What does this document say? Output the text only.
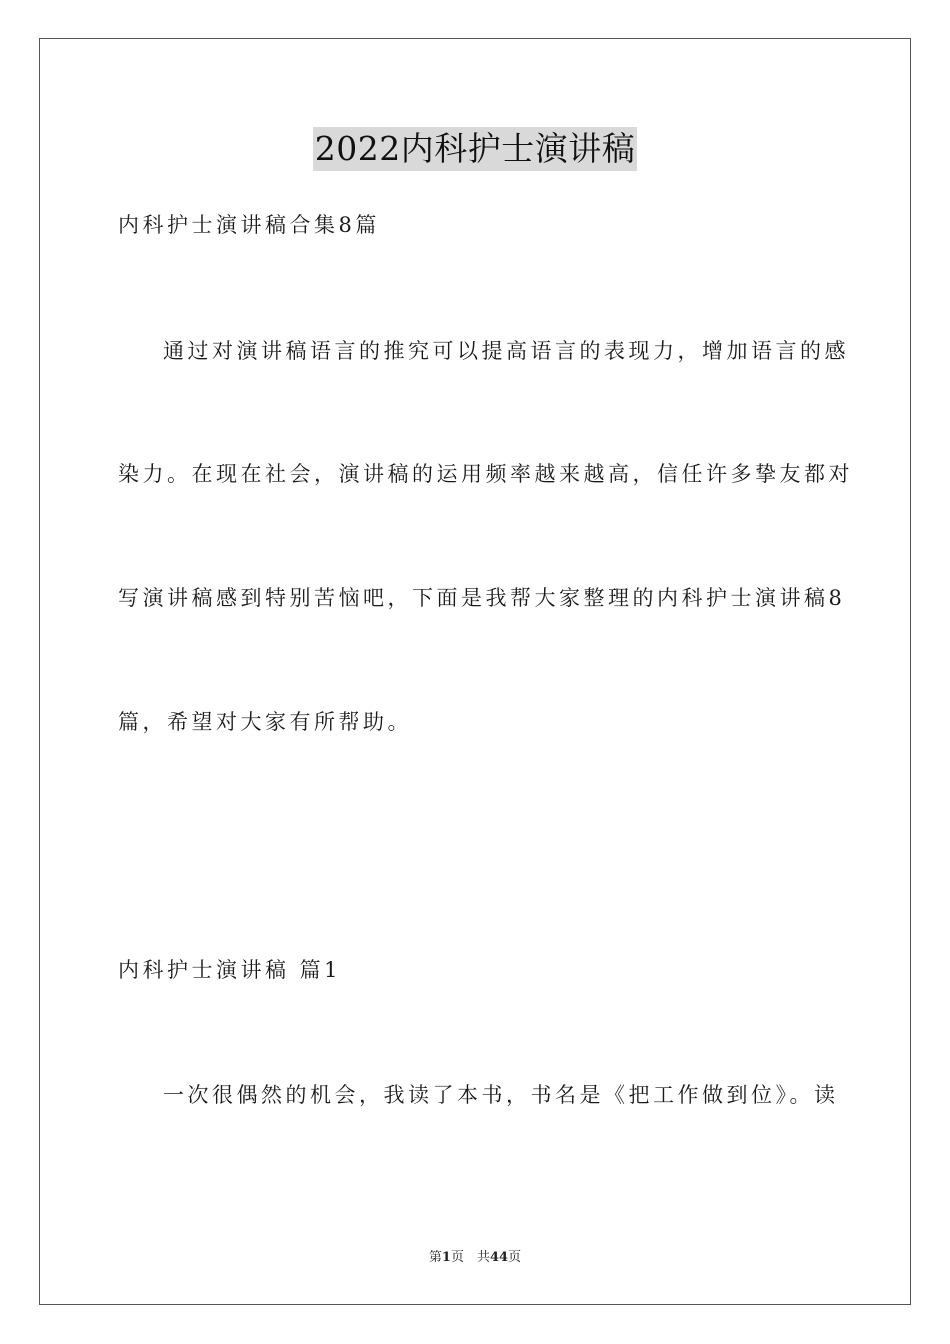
2022内科护士演讲稿
内科护士演讲稿合集8篇
通过对演讲稿语言的推究可以提高语言的表现力，增加语言的感
染力。在现在社会，演讲稿的运用频率越来越高，信任许多挚友都对
写演讲稿感到特别苦恼吧，下面是我帮大家整理的内科护士演讲稿8
篇，希望对大家有所帮助。
内科护士演讲稿 篇1
一次很偶然的机会，我读了本书，书名是《把工作做到位》。读
第1页　共44页
